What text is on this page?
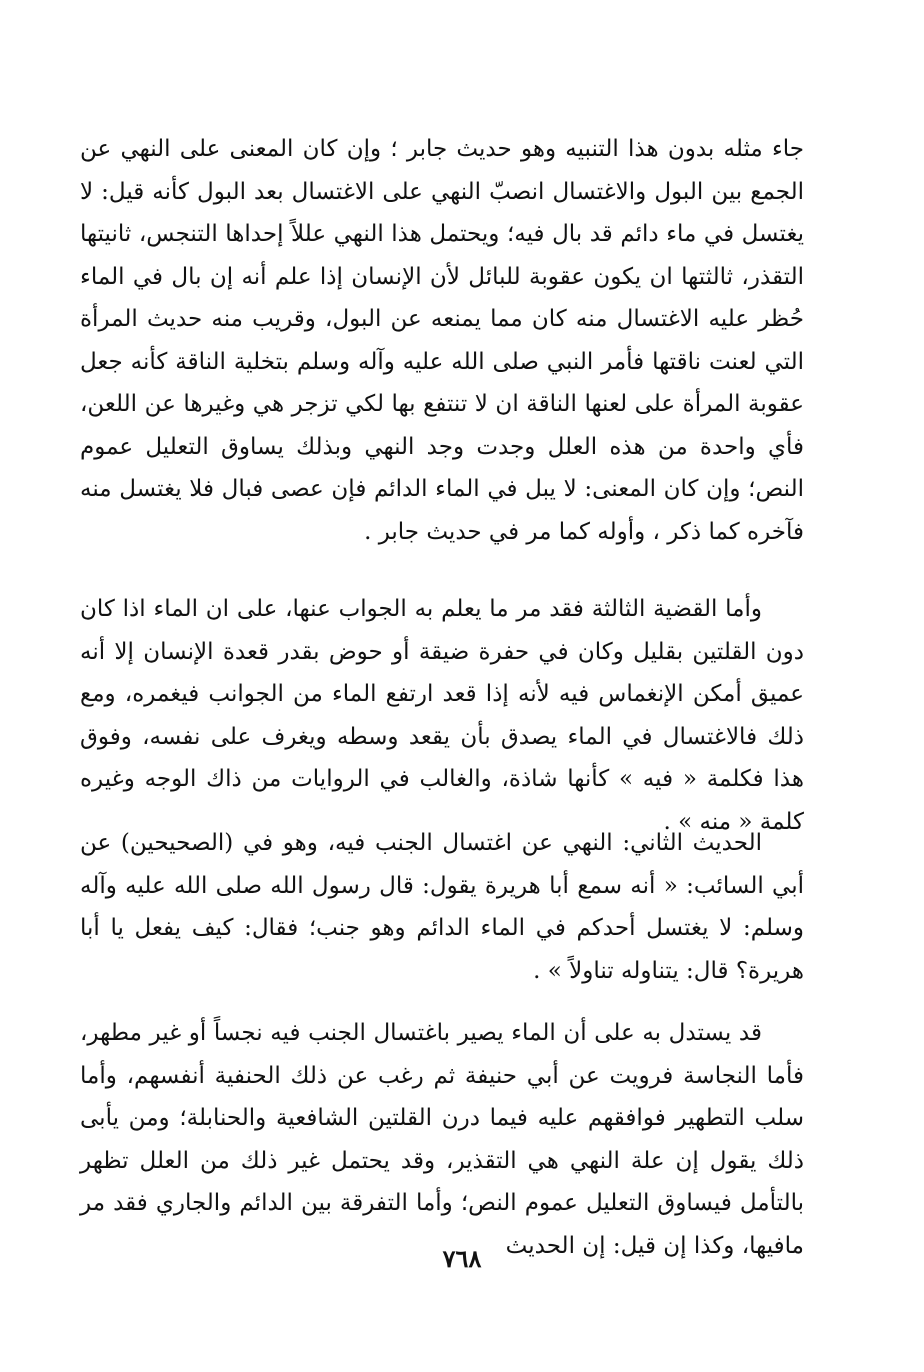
جاء مثله بدون هذا التنبيه وهو حديث جابر ؛ وإن كان المعنى على النهي عن الجمع بين البول والاغتسال انصبّ النهي على الاغتسال بعد البول كأنه قيل: لا يغتسل في ماء دائم قد بال فيه؛ ويحتمل هذا النهي عللاً إحداها التنجس، ثانيتها التقذر، ثالثتها ان يكون عقوبة للبائل لأن الإنسان إذا علم أنه إن بال في الماء حُظر عليه الاغتسال منه كان مما يمنعه عن البول، وقريب منه حديث المرأة التي لعنت ناقتها فأمر النبي صلى الله عليه وآله وسلم بتخلية الناقة كأنه جعل عقوبة المرأة على لعنها الناقة ان لا تنتفع بها لكي تزجر هي وغيرها عن اللعن، فأي واحدة من هذه العلل وجدت وجد النهي وبذلك يساوق التعليل عموم النص؛ وإن كان المعنى: لا يبل في الماء الدائم فإن عصى فبال فلا يغتسل منه فآخره كما ذكر ، وأوله كما مر في حديث جابر .

وأما القضية الثالثة فقد مر ما يعلم به الجواب عنها، على ان الماء اذا كان دون القلتين بقليل وكان في حفرة ضيقة أو حوض بقدر قعدة الإنسان إلا أنه عميق أمكن الإنغماس فيه لأنه إذا قعد ارتفع الماء من الجوانب فيغمره، ومع ذلك فالاغتسال في الماء يصدق بأن يقعد وسطه ويغرف على نفسه، وفوق هذا فكلمة « فيه » كأنها شاذة، والغالب في الروايات من ذاك الوجه وغيره كلمة « منه » .

الحديث الثاني: النهي عن اغتسال الجنب فيه، وهو في (الصحيحين) عن أبي السائب: « أنه سمع أبا هريرة يقول: قال رسول الله صلى الله عليه وآله وسلم: لا يغتسل أحدكم في الماء الدائم وهو جنب؛ فقال: كيف يفعل يا أبا هريرة؟ قال: يتناوله تناولاً » .

قد يستدل به على أن الماء يصير باغتسال الجنب فيه نجساً أو غير مطهر، فأما النجاسة فرويت عن أبي حنيفة ثم رغب عن ذلك الحنفية أنفسهم، وأما سلب التطهير فوافقهم عليه فيما درن القلتين الشافعية والحنابلة؛ ومن يأبى ذلك يقول إن علة النهي هي التقذير، وقد يحتمل غير ذلك من العلل تظهر بالتأمل فيساوق التعليل عموم النص؛ وأما التفرقة بين الدائم والجاري فقد مر مافيها، وكذا إن قيل: إن الحديث

٧٦٨
